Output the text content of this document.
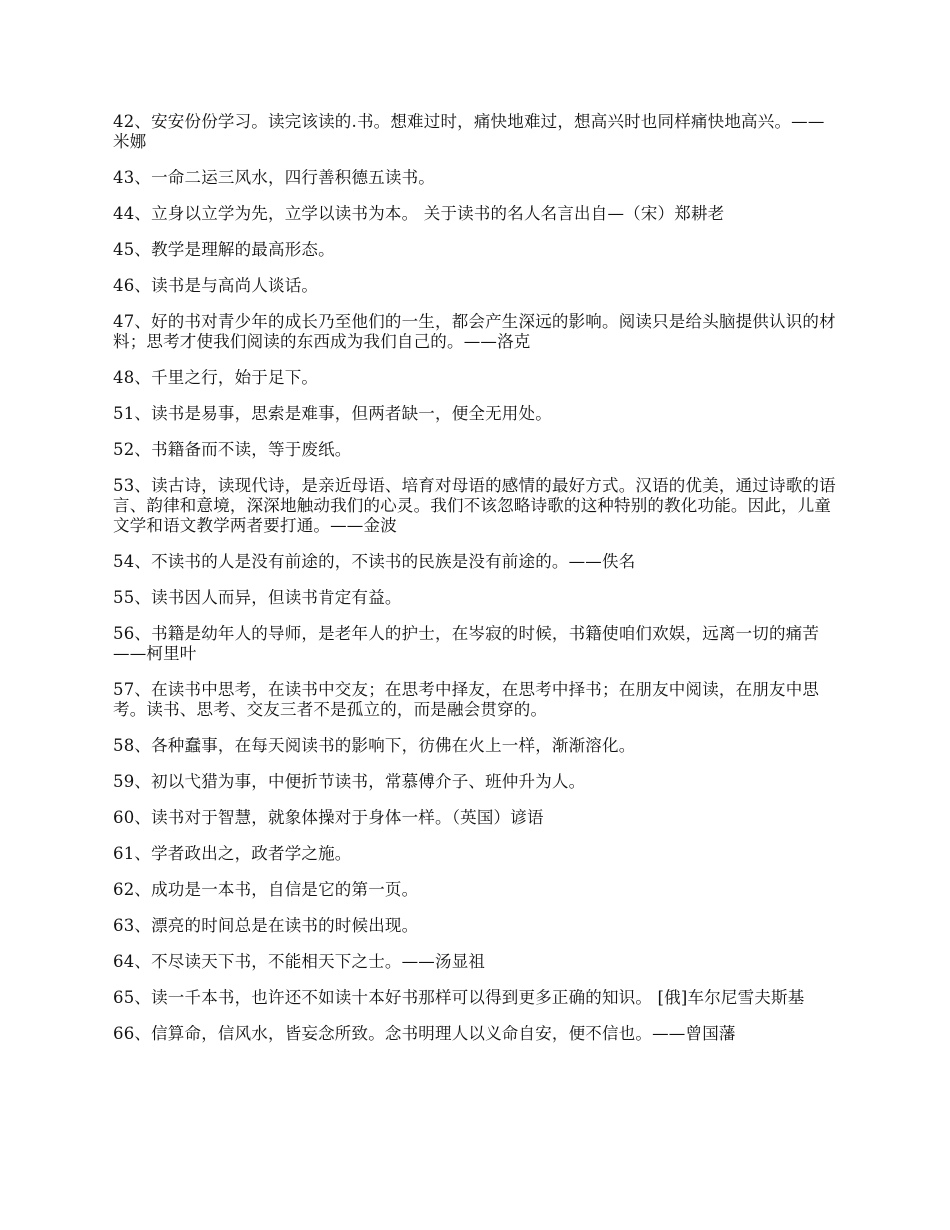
42、安安份份学习。读完该读的.书。想难过时，痛快地难过，想高兴时也同样痛快地高兴。——米娜

43、一命二运三风水，四行善积德五读书。

44、立身以立学为先，立学以读书为本。 关于读书的名人名言出自—（宋）郑耕老

45、教学是理解的最高形态。

46、读书是与高尚人谈话。

47、好的书对青少年的成长乃至他们的一生，都会产生深远的影响。阅读只是给头脑提供认识的材料；思考才使我们阅读的东西成为我们自己的。——洛克

48、千里之行，始于足下。

51、读书是易事，思索是难事，但两者缺一，便全无用处。

52、书籍备而不读，等于废纸。

53、读古诗，读现代诗，是亲近母语、培育对母语的感情的最好方式。汉语的优美，通过诗歌的语言、韵律和意境，深深地触动我们的心灵。我们不该忽略诗歌的这种特别的教化功能。因此，儿童文学和语文教学两者要打通。——金波

54、不读书的人是没有前途的，不读书的民族是没有前途的。——佚名

55、读书因人而异，但读书肯定有益。

56、书籍是幼年人的导师，是老年人的护士，在岑寂的时候，书籍使咱们欢娱，远离一切的痛苦——柯里叶

57、在读书中思考，在读书中交友；在思考中择友，在思考中择书；在朋友中阅读，在朋友中思考。读书、思考、交友三者不是孤立的，而是融会贯穿的。

58、各种蠢事，在每天阅读书的影响下，彷佛在火上一样，渐渐溶化。

59、初以弋猎为事，中便折节读书，常慕傅介子、班仲升为人。

60、读书对于智慧，就象体操对于身体一样。（英国）谚语

61、学者政出之，政者学之施。

62、成功是一本书，自信是它的第一页。

63、漂亮的时间总是在读书的时候出现。

64、不尽读天下书，不能相天下之士。——汤显祖

65、读一千本书，也许还不如读十本好书那样可以得到更多正确的知识。 [俄]车尔尼雪夫斯基

66、信算命，信风水，皆妄念所致。念书明理人以义命自安，便不信也。——曾国藩
